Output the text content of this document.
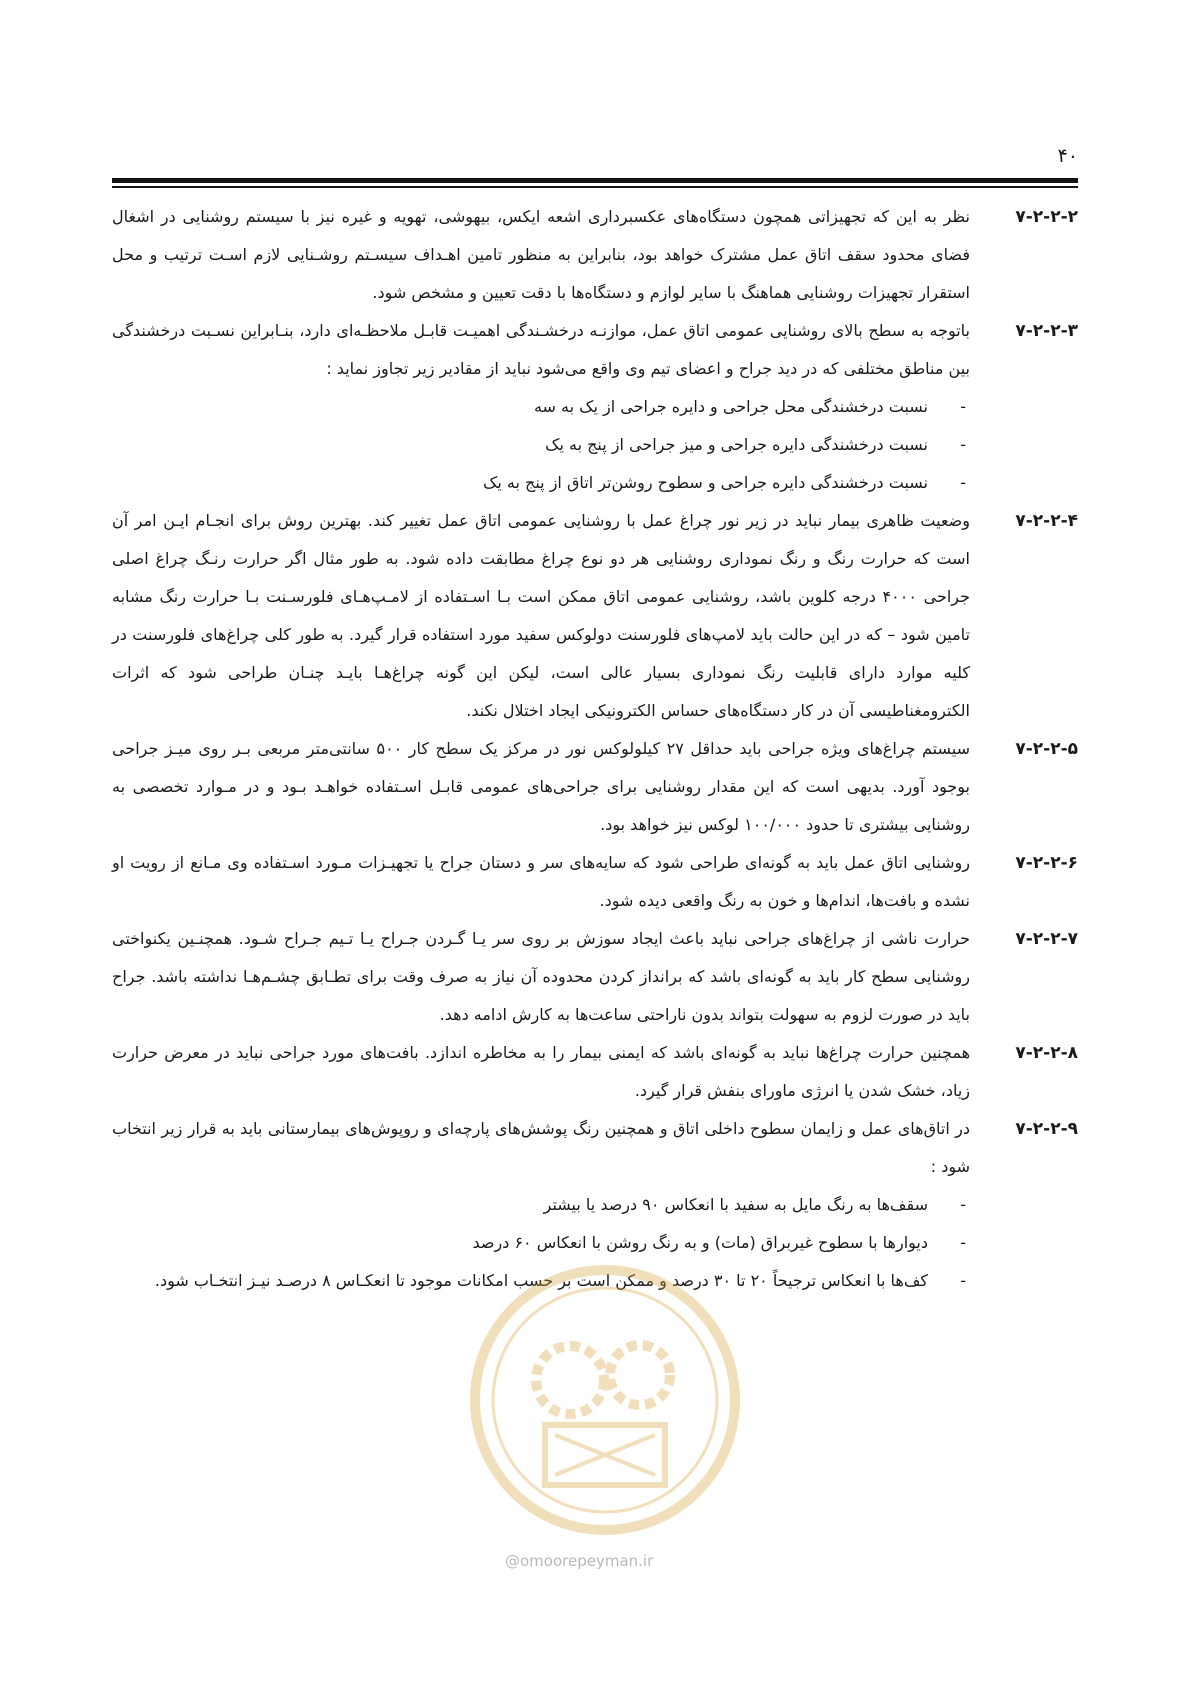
۴۰
۷-۲-۲-۲
نظر به این که تجهیزاتی همچون دستگاه‌های عکسبرداری اشعه ایکس، بیهوشی، تهویه و غیره نیز با سیستم روشنایی در اشغال فضای محدود سقف اتاق عمل مشترک خواهد بود، بنابراین به منظور تامین اهـداف سیسـتم روشـنایی لازم اسـت ترتیب و محل استقرار تجهیزات روشنایی هماهنگ با سایر لوازم و دستگاه‌ها با دقت تعیین و مشخص شود.
۷-۲-۲-۳
باتوجه به سطح بالای روشنایی عمومی اتاق عمل، موازنـه درخشـندگی اهمیـت قابـل ملاحظـه‌ای دارد، بنـابراین نسـبت درخشندگی بین مناطق مختلفی که در دید جراح و اعضای تیم وی واقع می‌شود نباید از مقادیر زیر تجاوز نماید :
-
نسبت درخشندگی محل جراحی و دایره جراحی از یک به سه
-
نسبت درخشندگی دایره جراحی و میز جراحی از پنج به یک
-
نسبت درخشندگی دایره جراحی و سطوح روشن‌تر اتاق از پنج به یک
۷-۲-۲-۴
وضعیت ظاهری بیمار نباید در زیر نور چراغ عمل با روشنایی عمومی اتاق عمل تغییر کند. بهترین روش برای انجـام ایـن امر آن است که حرارت رنگ و رنگ نموداری روشنایی هر دو نوع چراغ مطابقت داده شود. به طور مثال اگر حرارت رنـگ چراغ اصلی جراحی ۴۰۰۰ درجه کلوین باشد، روشنایی عمومی اتاق ممکن است بـا اسـتفاده از لامـپ‌هـای فلورسـنت بـا حرارت رنگ مشابه تامین شود – که در این حالت باید لامپ‌های فلورسنت دولوکس سفید مورد استفاده قرار گیرد. به طور کلی چراغ‌های فلورسنت در کلیه موارد دارای قابلیت رنگ نموداری بسیار عالی است، لیکن این گونه چراغ‌هـا بایـد چنـان طراحی شود که اثرات الکترومغناطیسی آن در کار دستگاه‌های حساس الکترونیکی ایجاد اختلال نکند.
۷-۲-۲-۵
سیستم چراغ‌های ویژه جراحی باید حداقل ۲۷ کیلولوکس نور در مرکز یک سطح کار ۵۰۰ سانتی‌متر مربعی بـر روی میـز جراحی بوجود آورد. بدیهی است که این مقدار روشنایی برای جراحی‌های عمومی قابـل اسـتفاده خواهـد بـود و در مـوارد تخصصی به روشنایی بیشتری تا حدود ۱۰۰/۰۰۰ لوکس نیز خواهد بود.
۷-۲-۲-۶
روشنایی اتاق عمل باید به گونه‌ای طراحی شود که سایه‌های سر و دستان جراح یا تجهیـزات مـورد اسـتفاده وی مـانع از رویت او نشده و بافت‌ها، اندام‌ها و خون به رنگ واقعی دیده شود.
۷-۲-۲-۷
حرارت ناشی از چراغ‌های جراحی نباید باعث ایجاد سوزش بر روی سر یـا گـردن جـراح یـا تـیم جـراح شـود. همچنـین یکنواختی روشنایی سطح کار باید به گونه‌ای باشد که برانداز کردن محدوده آن نیاز به صرف وقت برای تطـابق چشـم‌هـا نداشته باشد. جراح باید در صورت لزوم به سهولت بتواند بدون ناراحتی ساعت‌ها به کارش ادامه دهد.
۷-۲-۲-۸
همچنین حرارت چراغ‌ها نباید به گونه‌ای باشد که ایمنی بیمار را به مخاطره اندازد. بافت‌های مورد جراحی نباید در معرض حرارت زیاد، خشک شدن یا انرژی ماورای بنفش قرار گیرد.
۷-۲-۲-۹
در اتاق‌های عمل و زایمان سطوح داخلی اتاق و همچنین رنگ پوشش‌های پارچه‌ای و روپوش‌های بیمارستانی باید به قرار زیر انتخاب شود :
-
سقف‌ها به رنگ مایل به سفید با انعکاس ۹۰ درصد یا بیشتر
-
دیوارها با سطوح غیربراق (مات) و به رنگ روشن با انعکاس ۶۰ درصد
-
کف‌ها با انعکاس ترجیحاً ۲۰ تا ۳۰ درصد و ممکن است بر حسب امکانات موجود تا انعکـاس ۸ درصـد نیـز انتخـاب شود.
@omoorepeyman.ir
